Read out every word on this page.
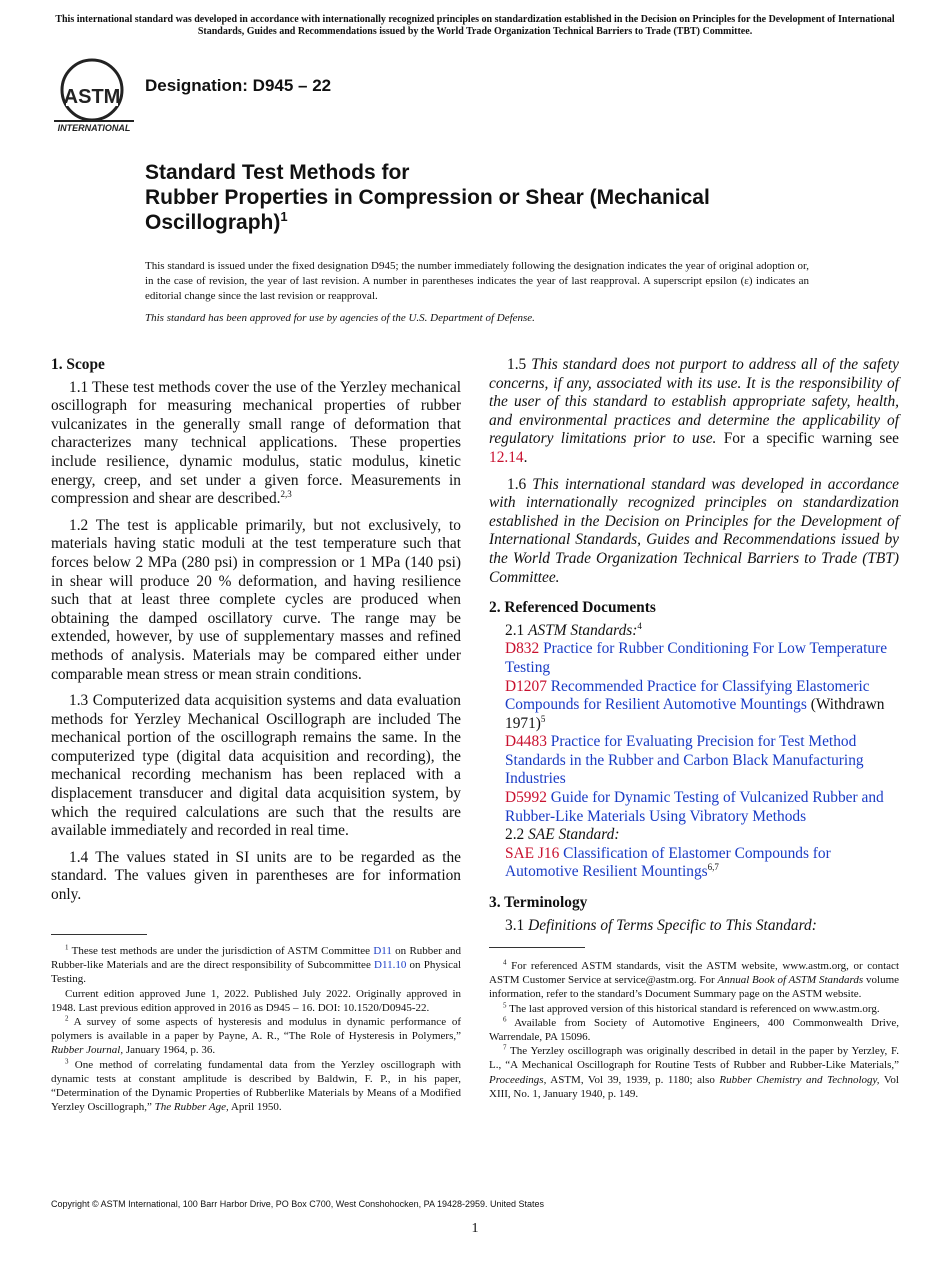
This international standard was developed in accordance with internationally recognized principles on standardization established in the Decision on Principles for the Development of International Standards, Guides and Recommendations issued by the World Trade Organization Technical Barriers to Trade (TBT) Committee.
ASTM
INTERNATIONAL
Designation: D945 – 22
Standard Test Methods for
Rubber Properties in Compression or Shear (Mechanical
Oscillograph)$^1$
This standard is issued under the fixed designation D945; the number immediately following the designation indicates the year of original adoption or, in the case of revision, the year of last revision. A number in parentheses indicates the year of last reapproval. A superscript epsilon (ε) indicates an editorial change since the last revision or reapproval.
This standard has been approved for use by agencies of the U.S. Department of Defense.
1. Scope

1.1 These test methods cover the use of the Yerzley mechanical oscillograph for measuring mechanical properties of rubber vulcanizates in the generally small range of deformation that characterizes many technical applications. These properties include resilience, dynamic modulus, static modulus, kinetic energy, creep, and set under a given force. Measurements in compression and shear are described.$^{2,3}$

1.2 The test is applicable primarily, but not exclusively, to materials having static moduli at the test temperature such that forces below 2 MPa (280 psi) in compression or 1 MPa (140 psi) in shear will produce 20 % deformation, and having resilience such that at least three complete cycles are produced when obtaining the damped oscillatory curve. The range may be extended, however, by use of supplementary masses and refined methods of analysis. Materials may be compared either under comparable mean stress or mean strain conditions.

1.3 Computerized data acquisition systems and data evaluation methods for Yerzley Mechanical Oscillograph are included The mechanical portion of the oscillograph remains the same. In the computerized type (digital data acquisition and recording), the mechanical recording mechanism has been replaced with a displacement transducer and digital data acquisition system, by which the required calculations are such that the results are available immediately and recorded in real time.

1.4 The values stated in SI units are to be regarded as the standard. The values given in parentheses are for information only.

1.5 This standard does not purport to address all of the safety concerns, if any, associated with its use. It is the responsibility of the user of this standard to establish appropriate safety, health, and environmental practices and determine the applicability of regulatory limitations prior to use. For a specific warning see 12.14.

1.6 This international standard was developed in accordance with internationally recognized principles on standardization established in the Decision on Principles for the Development of International Standards, Guides and Recommendations issued by the World Trade Organization Technical Barriers to Trade (TBT) Committee.

2. Referenced Documents
2.1 ASTM Standards:$^4$
D832 Practice for Rubber Conditioning For Low Temperature Testing
D1207 Recommended Practice for Classifying Elastomeric Compounds for Resilient Automotive Mountings (Withdrawn 1971)$^5$
D4483 Practice for Evaluating Precision for Test Method Standards in the Rubber and Carbon Black Manufacturing Industries
D5992 Guide for Dynamic Testing of Vulcanized Rubber and Rubber-Like Materials Using Vibratory Methods
2.2 SAE Standard:
SAE J16 Classification of Elastomer Compounds for Automotive Resilient Mountings$^{6,7}$
3. Terminology
3.1 Definitions of Terms Specific to This Standard:

$^1$ These test methods are under the jurisdiction of ASTM Committee D11 on Rubber and Rubber-like Materials and are the direct responsibility of Subcommittee D11.10 on Physical Testing.

Current edition approved June 1, 2022. Published July 2022. Originally approved in 1948. Last previous edition approved in 2016 as D945 – 16. DOI: 10.1520/D0945-22.

$^2$ A survey of some aspects of hysteresis and modulus in dynamic performance of polymers is available in a paper by Payne, A. R., “The Role of Hysteresis in Polymers,” Rubber Journal, January 1964, p. 36.

$^3$ One method of correlating fundamental data from the Yerzley oscillograph with dynamic tests at constant amplitude is described by Baldwin, F. P., in his paper, “Determination of the Dynamic Properties of Rubberlike Materials by Means of a Modified Yerzley Oscillograph,” The Rubber Age, April 1950.

$^4$ For referenced ASTM standards, visit the ASTM website, www.astm.org, or contact ASTM Customer Service at service@astm.org. For Annual Book of ASTM Standards volume information, refer to the standard’s Document Summary page on the ASTM website.

$^5$ The last approved version of this historical standard is referenced on www.astm.org.

$^6$ Available from Society of Automotive Engineers, 400 Commonwealth Drive, Warrendale, PA 15096.

$^7$ The Yerzley oscillograph was originally described in detail in the paper by Yerzley, F. L., “A Mechanical Oscillograph for Routine Tests of Rubber and Rubber-Like Materials,” Proceedings, ASTM, Vol 39, 1939, p. 1180; also Rubber Chemistry and Technology, Vol XIII, No. 1, January 1940, p. 149.

Copyright © ASTM International, 100 Barr Harbor Drive, PO Box C700, West Conshohocken, PA 19428-2959. United States
1
